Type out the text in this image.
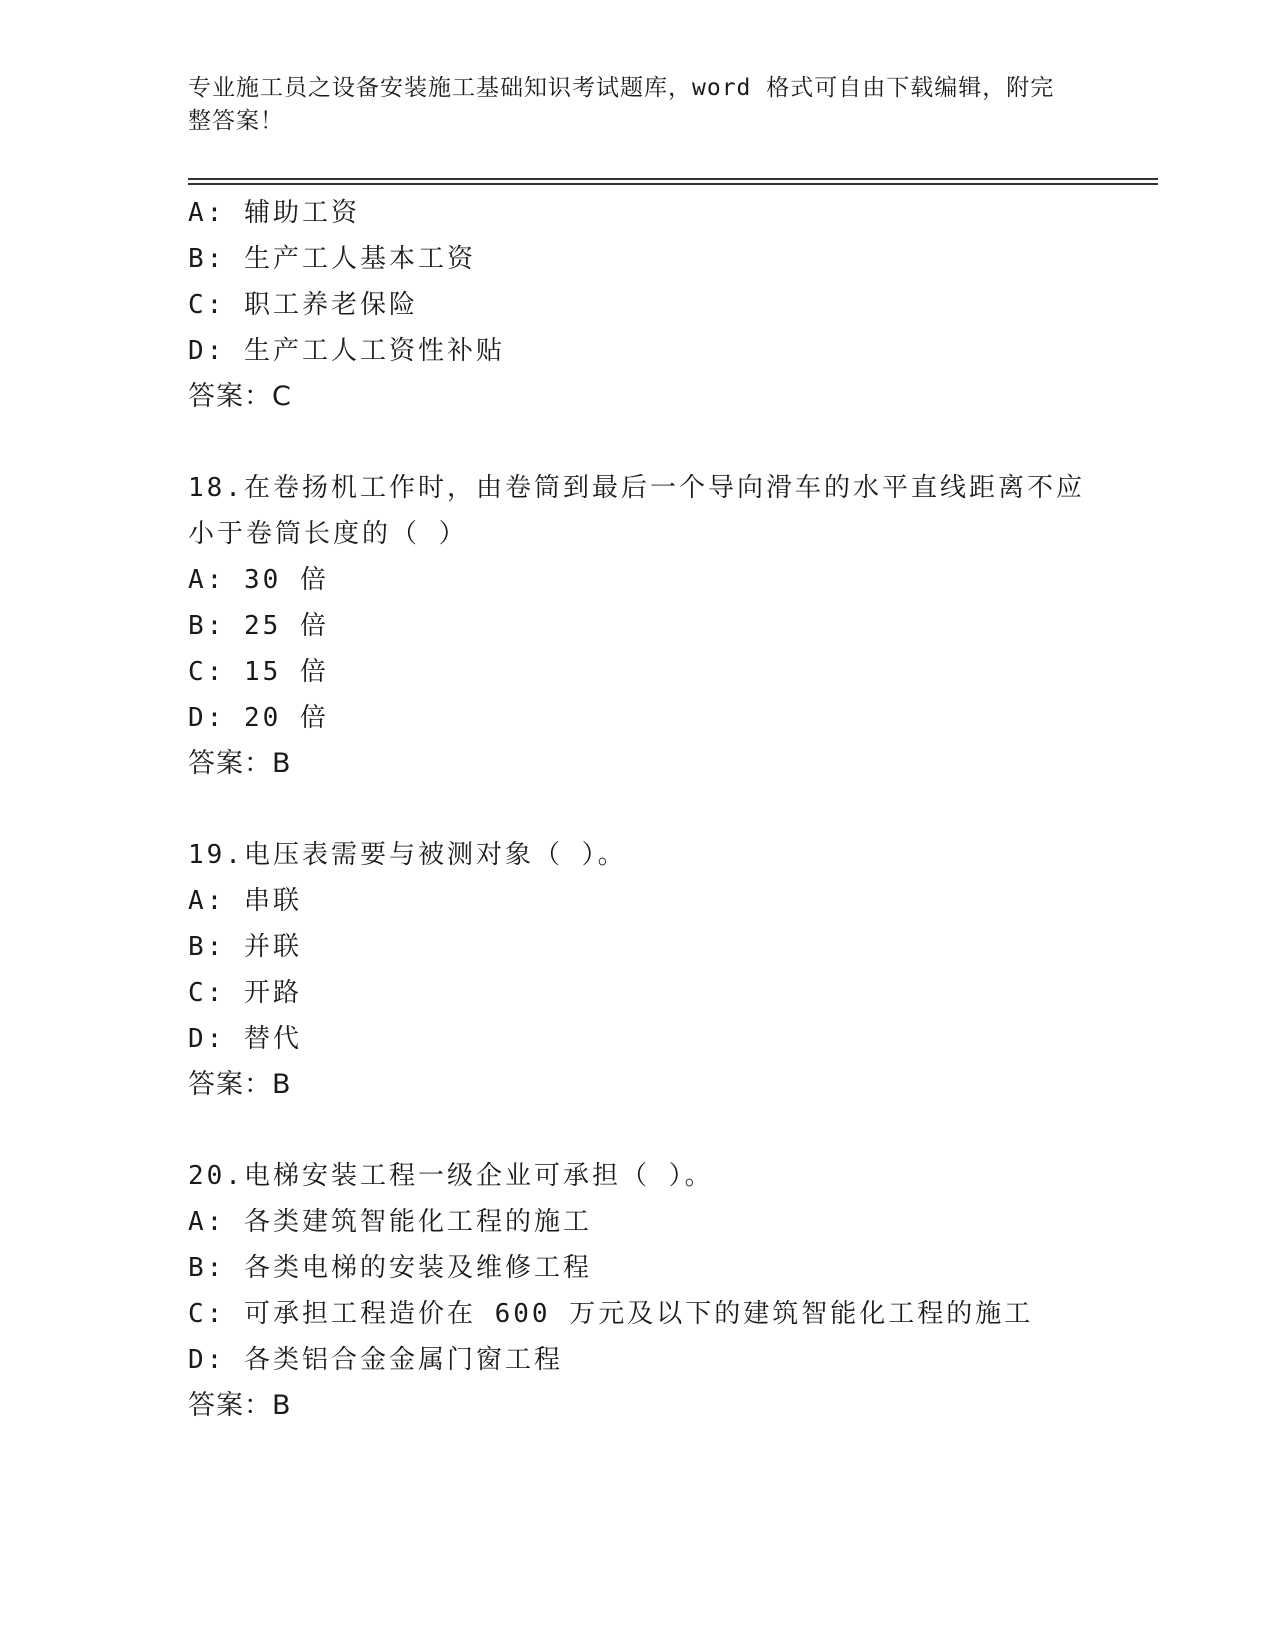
专业施工员之设备安装施工基础知识考试题库，word 格式可自由下载编辑，附完
整答案！
A: 辅助工资
B: 生产工人基本工资
C: 职工养老保险
D: 生产工人工资性补贴
答案：C
18.在卷扬机工作时，由卷筒到最后一个导向滑车的水平直线距离不应
小于卷筒长度的（ ）
A: 30 倍
B: 25 倍
C: 15 倍
D: 20 倍
答案：B
19.电压表需要与被测对象（ ）。
A: 串联
B: 并联
C: 开路
D: 替代
答案：B
20.电梯安装工程一级企业可承担（ ）。
A: 各类建筑智能化工程的施工
B: 各类电梯的安装及维修工程
C: 可承担工程造价在 600 万元及以下的建筑智能化工程的施工
D: 各类铝合金金属门窗工程
答案：B
